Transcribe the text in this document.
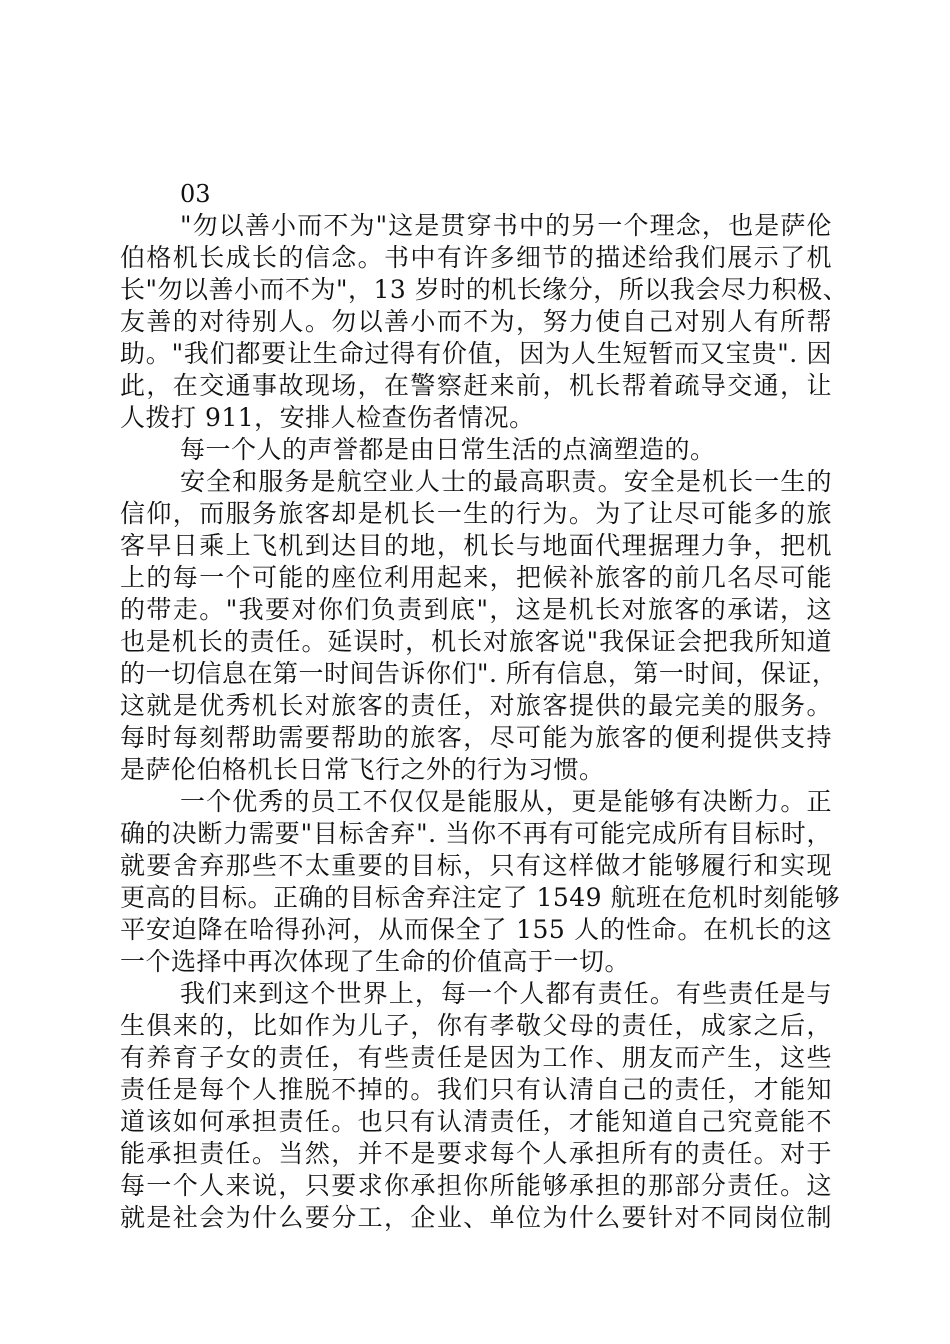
03
"勿以善小而不为"这是贯穿书中的另一个理念，也是萨伦
伯格机长成长的信念。书中有许多细节的描述给我们展示了机
长"勿以善小而不为"，13 岁时的机长缘分，所以我会尽力积极、
友善的对待别人。勿以善小而不为，努力使自己对别人有所帮
助。"我们都要让生命过得有价值，因为人生短暂而又宝贵". 因
此，在交通事故现场，在警察赶来前，机长帮着疏导交通，让
人拨打 911，安排人检查伤者情况。
每一个人的声誉都是由日常生活的点滴塑造的。
安全和服务是航空业人士的最高职责。安全是机长一生的
信仰，而服务旅客却是机长一生的行为。为了让尽可能多的旅
客早日乘上飞机到达目的地，机长与地面代理据理力争，把机
上的每一个可能的座位利用起来，把候补旅客的前几名尽可能
的带走。"我要对你们负责到底"，这是机长对旅客的承诺，这
也是机长的责任。延误时，机长对旅客说"我保证会把我所知道
的一切信息在第一时间告诉你们". 所有信息，第一时间，保证，
这就是优秀机长对旅客的责任，对旅客提供的最完美的服务。
每时每刻帮助需要帮助的旅客，尽可能为旅客的便利提供支持
是萨伦伯格机长日常飞行之外的行为习惯。
一个优秀的员工不仅仅是能服从，更是能够有决断力。正
确的决断力需要"目标舍弃". 当你不再有可能完成所有目标时，
就要舍弃那些不太重要的目标，只有这样做才能够履行和实现
更高的目标。正确的目标舍弃注定了 1549 航班在危机时刻能够
平安迫降在哈得孙河，从而保全了 155 人的性命。在机长的这
一个选择中再次体现了生命的价值高于一切。
我们来到这个世界上，每一个人都有责任。有些责任是与
生俱来的，比如作为儿子，你有孝敬父母的责任，成家之后，
有养育子女的责任，有些责任是因为工作、朋友而产生，这些
责任是每个人推脱不掉的。我们只有认清自己的责任，才能知
道该如何承担责任。也只有认清责任，才能知道自己究竟能不
能承担责任。当然，并不是要求每个人承担所有的责任。对于
每一个人来说，只要求你承担你所能够承担的那部分责任。这
就是社会为什么要分工，企业、单位为什么要针对不同岗位制
